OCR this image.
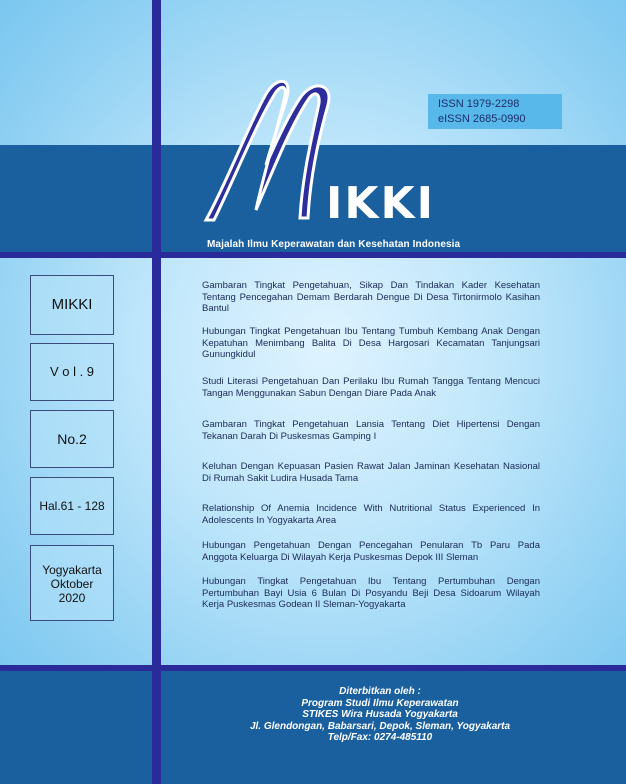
ISSN 1979-2298
eISSN 2685-0990
IKKI
Majalah Ilmu Keperawatan dan Kesehatan Indonesia
MIKKI
V o l . 9
No.2
Hal.61 - 128
Yogyakarta
Oktober
2020
Gambaran Tingkat Pengetahuan, Sikap Dan Tindakan Kader Kesehatan Tentang Pencegahan Demam Berdarah Dengue Di Desa Tirtonirmolo Kasihan Bantul
Hubungan Tingkat Pengetahuan Ibu Tentang Tumbuh Kembang Anak Dengan Kepatuhan Menimbang Balita Di Desa Hargosari Kecamatan Tanjungsari Gunungkidul
Studi Literasi Pengetahuan Dan Perilaku Ibu Rumah Tangga Tentang Mencuci Tangan Menggunakan Sabun Dengan Diare Pada Anak
Gambaran Tingkat Pengetahuan Lansia Tentang Diet Hipertensi Dengan Tekanan Darah Di Puskesmas Gamping I
Keluhan Dengan Kepuasan Pasien Rawat Jalan Jaminan Kesehatan Nasional Di Rumah Sakit Ludira Husada Tama
Relationship Of Anemia Incidence With Nutritional Status Experienced In Adolescents In Yogyakarta Area
Hubungan Pengetahuan Dengan Pencegahan Penularan Tb Paru Pada Anggota Keluarga Di Wilayah Kerja Puskesmas Depok III Sleman
Hubungan Tingkat Pengetahuan Ibu Tentang Pertumbuhan Dengan Pertumbuhan Bayi Usia 6 Bulan Di Posyandu Beji Desa Sidoarum Wilayah Kerja Puskesmas Godean II Sleman-Yogyakarta
Diterbitkan oleh :
Program Studi Ilmu Keperawatan
STIKES Wira Husada Yogyakarta
Jl. Glendongan, Babarsari, Depok, Sleman, Yogyakarta
Telp/Fax: 0274-485110
